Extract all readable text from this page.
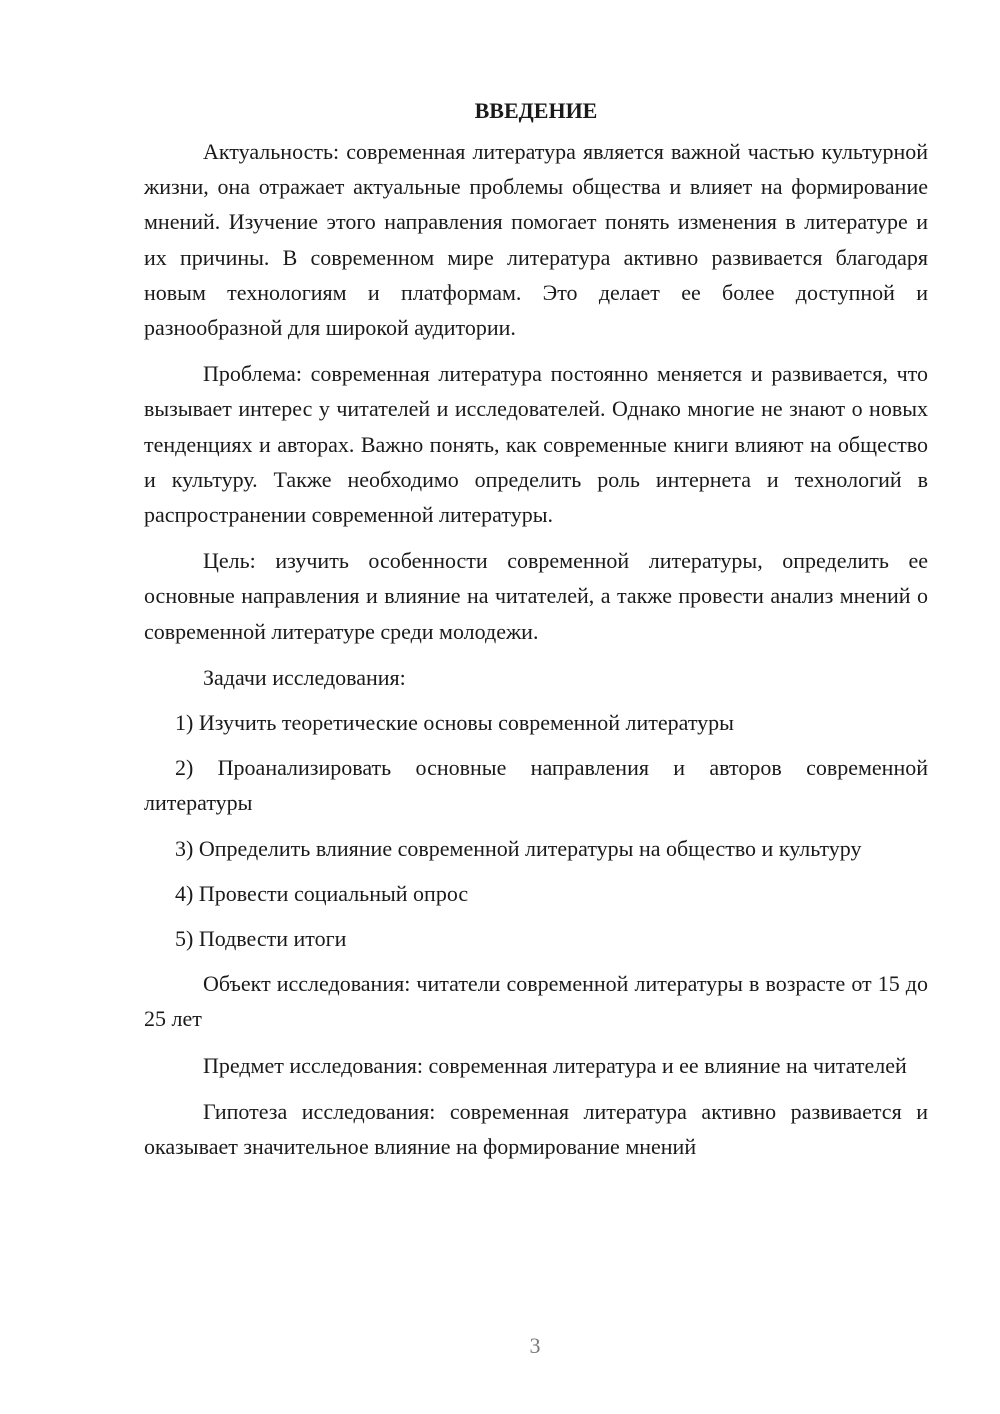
ВВЕДЕНИЕ

Актуальность: современная литература является важной частью культурной жизни, она отражает актуальные проблемы общества и влияет на формирование мнений. Изучение этого направления помогает понять изменения в литературе и их причины. В современном мире литература активно развивается благодаря новым технологиям и платформам. Это делает ее более доступной и разнообразной для широкой аудитории.

Проблема: современная литература постоянно меняется и развивается, что вызывает интерес у читателей и исследователей. Однако многие не знают о новых тенденциях и авторах. Важно понять, как современные книги влияют на общество и культуру. Также необходимо определить роль интернета и технологий в распространении современной литературы.

Цель: изучить особенности современной литературы, определить ее основные направления и влияние на читателей, а также провести анализ мнений о современной литературе среди молодежи.

Задачи исследования:

1) Изучить теоретические основы современной литературы

2) Проанализировать основные направления и авторов современной литературы

3) Определить влияние современной литературы на общество и культуру

4) Провести социальный опрос

5) Подвести итоги

Объект исследования: читатели современной литературы в возрасте от 15 до 25 лет

Предмет исследования: современная литература и ее влияние на читателей

Гипотеза исследования: современная литература активно развивается и оказывает значительное влияние на формирование мнений

3
